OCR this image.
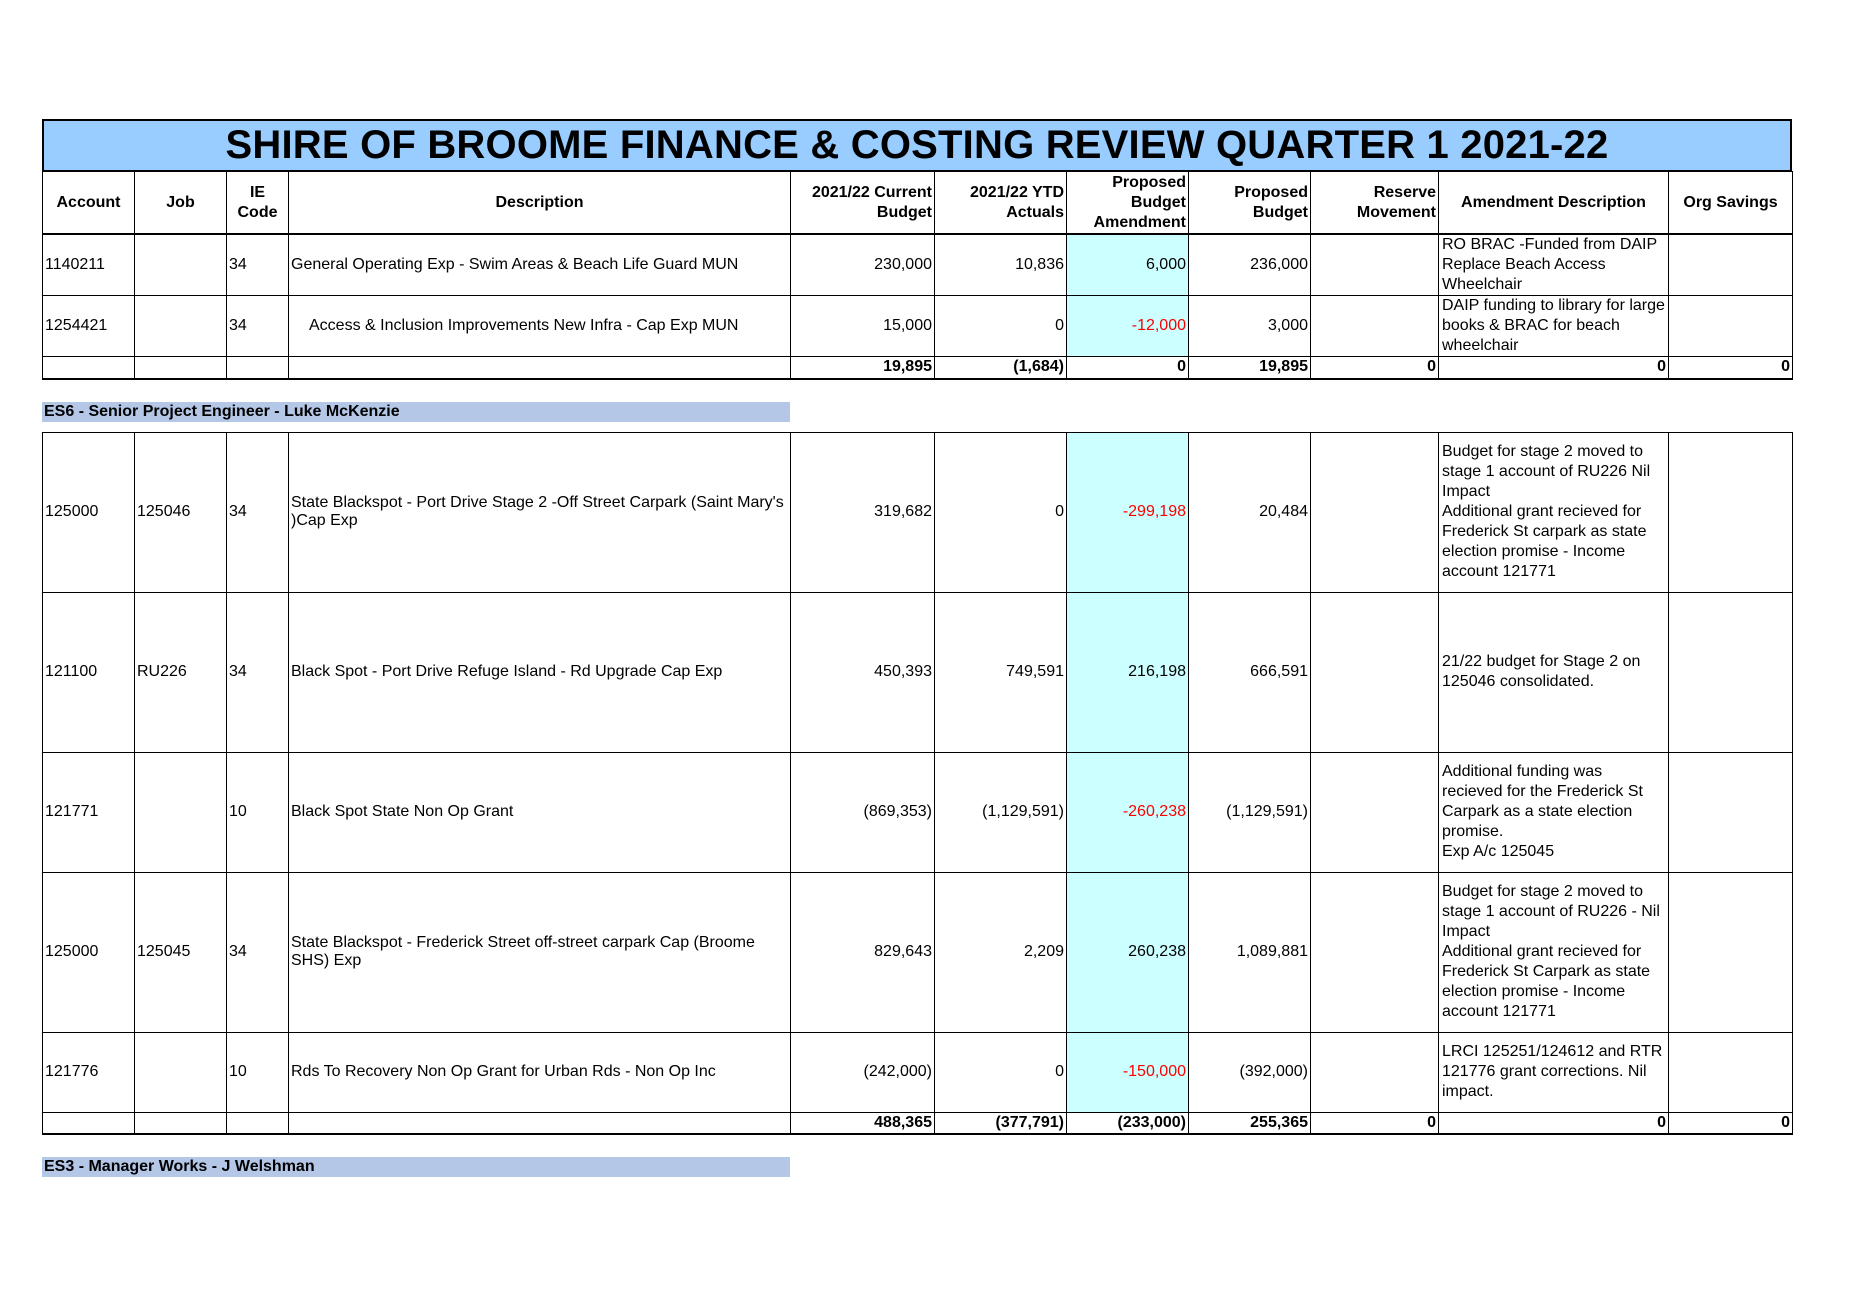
SHIRE OF BROOME FINANCE & COSTING REVIEW QUARTER 1 2021-22
Account	Job	IE Code	Description	2021/22 Current Budget	2021/22 YTD Actuals	Proposed Budget Amendment	Proposed Budget	Reserve Movement	Amendment Description	Org Savings
1140211		34	General Operating Exp - Swim Areas & Beach Life Guard MUN	230,000	10,836	6,000	236,000		RO BRAC -Funded from DAIP Replace Beach Access Wheelchair	
1254421		34	Access & Inclusion Improvements New Infra - Cap Exp MUN	15,000	0	-12,000	3,000		DAIP funding to library for large books & BRAC for beach wheelchair	
				19,895	(1,684)	0	19,895	0	0	0
ES6 - Senior Project Engineer - Luke McKenzie
125000	125046	34	State Blackspot - Port Drive Stage 2 -Off Street Carpark (Saint Mary's )Cap Exp	319,682	0	-299,198	20,484		Budget for stage 2 moved to stage 1 account of RU226 Nil Impact
Additional grant recieved for Frederick St carpark as state election promise - Income account 121771	
121100	RU226	34	Black Spot - Port Drive Refuge Island - Rd Upgrade Cap Exp	450,393	749,591	216,198	666,591		21/22 budget for Stage 2 on 125046 consolidated.	
121771		10	Black Spot State Non Op Grant	(869,353)	(1,129,591)	-260,238	(1,129,591)		Additional funding was recieved for the Frederick St Carpark as a state election promise.
Exp A/c 125045	
125000	125045	34	State Blackspot - Frederick Street off-street carpark Cap (Broome SHS) Exp	829,643	2,209	260,238	1,089,881		Budget for stage 2 moved to stage 1 account of RU226 - Nil Impact
Additional grant recieved for Frederick St Carpark as state election promise - Income account 121771	
121776		10	Rds To Recovery Non Op Grant for Urban Rds - Non Op Inc	(242,000)	0	-150,000	(392,000)		LRCI 125251/124612 and RTR 121776 grant corrections. Nil impact.	
				488,365	(377,791)	(233,000)	255,365	0	0	0
ES3 - Manager Works - J Welshman
